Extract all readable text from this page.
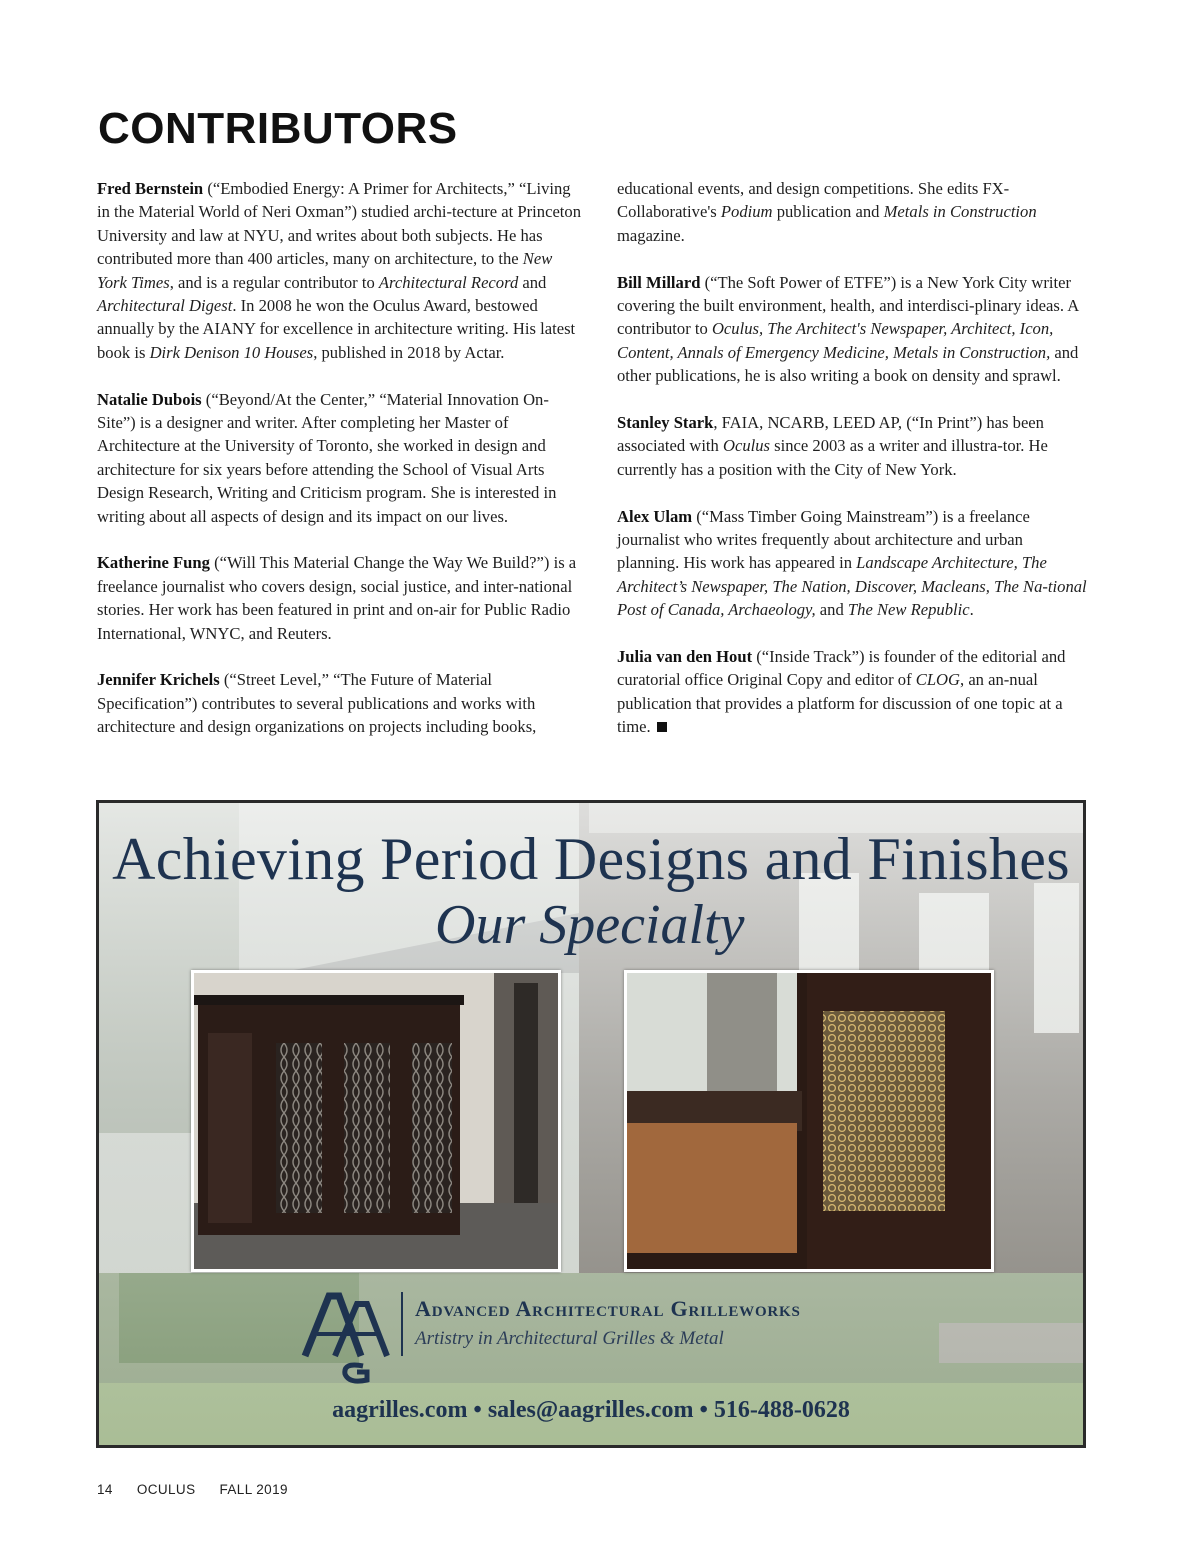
CONTRIBUTORS

Fred Bernstein (“Embodied Energy: A Primer for Architects,” “Living in the Material World of Neri Oxman”) studied archi-tecture at Princeton University and law at NYU, and writes about both subjects. He has contributed more than 400 articles, many on architecture, to the New York Times, and is a regular contributor to Architectural Record and Architectural Digest. In 2008 he won the Oculus Award, bestowed annually by the AIANY for excellence in architecture writing. His latest book is Dirk Denison 10 Houses, published in 2018 by Actar.

Natalie Dubois (“Beyond/At the Center,” “Material Innovation On-Site”) is a designer and writer. After completing her Master of Architecture at the University of Toronto, she worked in design and architecture for six years before attending the School of Visual Arts Design Research, Writing and Criticism program. She is interested in writing about all aspects of design and its impact on our lives.

Katherine Fung (“Will This Material Change the Way We Build?”) is a freelance journalist who covers design, social justice, and inter-national stories. Her work has been featured in print and on-air for Public Radio International, WNYC, and Reuters.

Jennifer Krichels (“Street Level,” “The Future of Material Specification”) contributes to several publications and works with architecture and design organizations on projects including books,

educational events, and design competitions. She edits FX-Collaborative's Podium publication and Metals in Construction magazine.

Bill Millard (“The Soft Power of ETFE”) is a New York City writer covering the built environment, health, and interdisci-plinary ideas. A contributor to Oculus, The Architect's Newspaper, Architect, Icon, Content, Annals of Emergency Medicine, Metals in Construction, and other publications, he is also writing a book on density and sprawl.

Stanley Stark, FAIA, NCARB, LEED AP, (“In Print”) has been associated with Oculus since 2003 as a writer and illustra-tor. He currently has a position with the City of New York.

Alex Ulam (“Mass Timber Going Mainstream”) is a freelance journalist who writes frequently about architecture and urban planning. His work has appeared in Landscape Architecture, The Architect’s Newspaper, The Nation, Discover, Macleans, The Na-tional Post of Canada, Archaeology, and The New Republic.

Julia van den Hout (“Inside Track”) is founder of the editorial and curatorial office Original Copy and editor of CLOG, an an-nual publication that provides a platform for discussion of one topic at a time.

Achieving Period Designs and Finishes
Our Specialty
Advanced Architectural Grilleworks
Artistry in Architectural Grilles & Metal
aagrilles.com • sales@aagrilles.com • 516-488-0628
14 OCULUS FALL 2019
